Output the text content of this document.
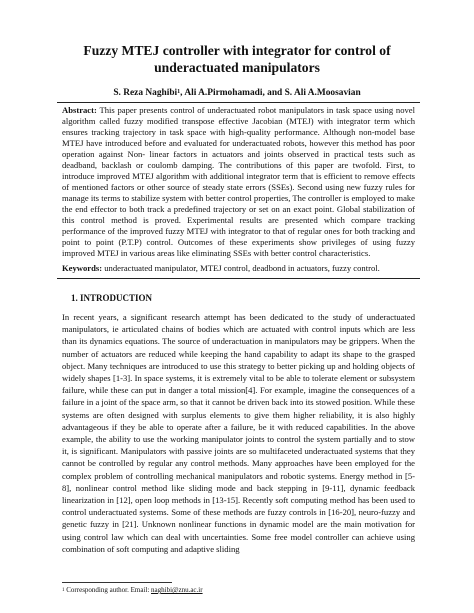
Fuzzy MTEJ controller with integrator for control of underactuated manipulators
S. Reza Naghibi$^1$, Ali A.Pirmohamadi, and S. Ali A.Moosavian
Abstract: This paper presents control of underactuated robot manipulators in task space using novel algorithm called fuzzy modified transpose effective Jacobian (MTEJ) with integrator term which ensures tracking trajectory in task space with high-quality performance. Although non-model base MTEJ have introduced before and evaluated for underactuated robots, however this method has poor operation against Non- linear factors in actuators and joints observed in practical tests such as deadband, backlash or coulomb damping. The contributions of this paper are twofold. First, to introduce improved MTEJ algorithm with additional integrator term that is efficient to remove effects of mentioned factors or other source of steady state errors (SSEs). Second using new fuzzy rules for manage its terms to stabilize system with better control properties, The controller is employed to make the end effector to both track a predefined trajectory or set on an exact point. Global stabilization of this control method is proved. Experimental results are presented which compare tracking performance of the improved fuzzy MTEJ with integrator to that of regular ones for both tracking and point to point (P.T.P) control. Outcomes of these experiments show privileges of using fuzzy improved MTEJ in various areas like eliminating SSEs with better control characteristics.
Keywords: underactuated manipulator, MTEJ control, deadbond in actuators, fuzzy control.
1. INTRODUCTION
In recent years, a significant research attempt has been dedicated to the study of underactuated manipulators, ie articulated chains of bodies which are actuated with control inputs which are less than its dynamics equations. The source of underactuation in manipulators may be grippers. When the number of actuators are reduced while keeping the hand capability to adapt its shape to the grasped object. Many techniques are introduced to use this strategy to better picking up and holding objects of widely shapes [1-3]. In space systems, it is extremely vital to be able to tolerate element or subsystem failure, while these can put in danger a total mission[4]. For example, imagine the consequences of a failure in a joint of the space arm, so that it cannot be driven back into its stowed position. While these systems are often designed with surplus elements to give them higher reliability, it is also highly advantageous if they be able to operate after a failure, be it with reduced capabilities. In the above example, the ability to use the working manipulator joints to control the system partially and to stow it, is significant. Manipulators with passive joints are so multifaceted underactuated systems that they cannot be controlled by regular any control methods. Many approaches have been employed for the complex problem of controlling mechanical manipulators and robotic systems. Energy method in [5-8], nonlinear control method like sliding mode and back stepping in [9-11], dynamic feedback linearization in [12], open loop methods in [13-15]. Recently soft computing method has been used to control underactuated systems. Some of these methods are fuzzy controls in [16-20], neuro-fuzzy and genetic fuzzy in [21]. Unknown nonlinear functions in dynamic model are the main motivation for using control law which can deal with uncertainties. Some free model controller can achieve using combination of soft computing and adaptive sliding
$^1$ Corresponding author. Email: naghibi@znu.ac.ir
